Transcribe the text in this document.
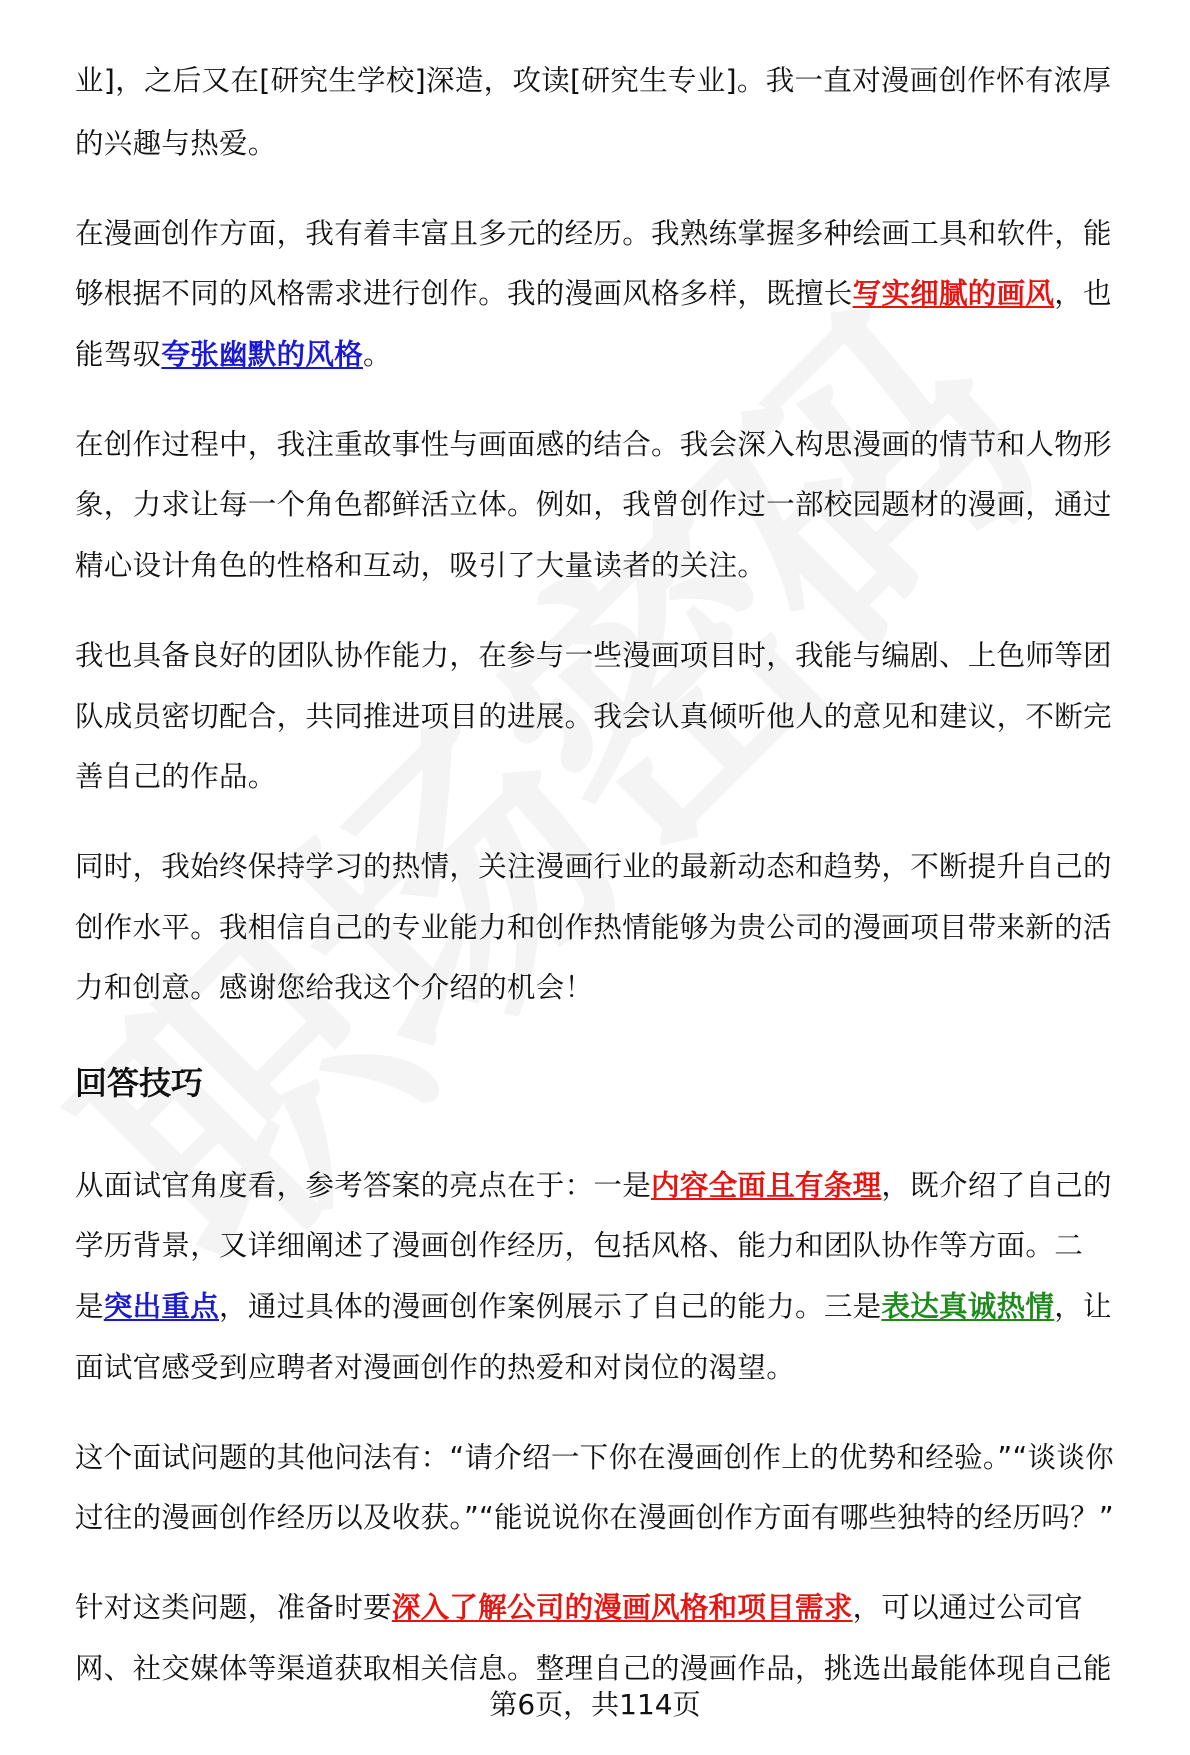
业]，之后又在[研究生学校]深造，攻读[研究生专业]。我一直对漫画创作怀有浓厚
的兴趣与热爱。
在漫画创作方面，我有着丰富且多元的经历。我熟练掌握多种绘画工具和软件，能
够根据不同的风格需求进行创作。我的漫画风格多样，既擅长写实细腻的画风，也
能驾驭夸张幽默的风格。
在创作过程中，我注重故事性与画面感的结合。我会深入构思漫画的情节和人物形
象，力求让每一个角色都鲜活立体。例如，我曾创作过一部校园题材的漫画，通过
精心设计角色的性格和互动，吸引了大量读者的关注。
我也具备良好的团队协作能力，在参与一些漫画项目时，我能与编剧、上色师等团
队成员密切配合，共同推进项目的进展。我会认真倾听他人的意见和建议，不断完
善自己的作品。
同时，我始终保持学习的热情，关注漫画行业的最新动态和趋势，不断提升自己的
创作水平。我相信自己的专业能力和创作热情能够为贵公司的漫画项目带来新的活
力和创意。感谢您给我这个介绍的机会！
回答技巧
从面试官角度看，参考答案的亮点在于：一是内容全面且有条理，既介绍了自己的
学历背景，又详细阐述了漫画创作经历，包括风格、能力和团队协作等方面。二
是突出重点，通过具体的漫画创作案例展示了自己的能力。三是表达真诚热情，让
面试官感受到应聘者对漫画创作的热爱和对岗位的渴望。
这个面试问题的其他问法有：“请介绍一下你在漫画创作上的优势和经验。”“谈谈你
过往的漫画创作经历以及收获。”“能说说你在漫画创作方面有哪些独特的经历吗？”
针对这类问题，准备时要深入了解公司的漫画风格和项目需求，可以通过公司官
网、社交媒体等渠道获取相关信息。整理自己的漫画作品，挑选出最能体现自己能
第6页，共114页
